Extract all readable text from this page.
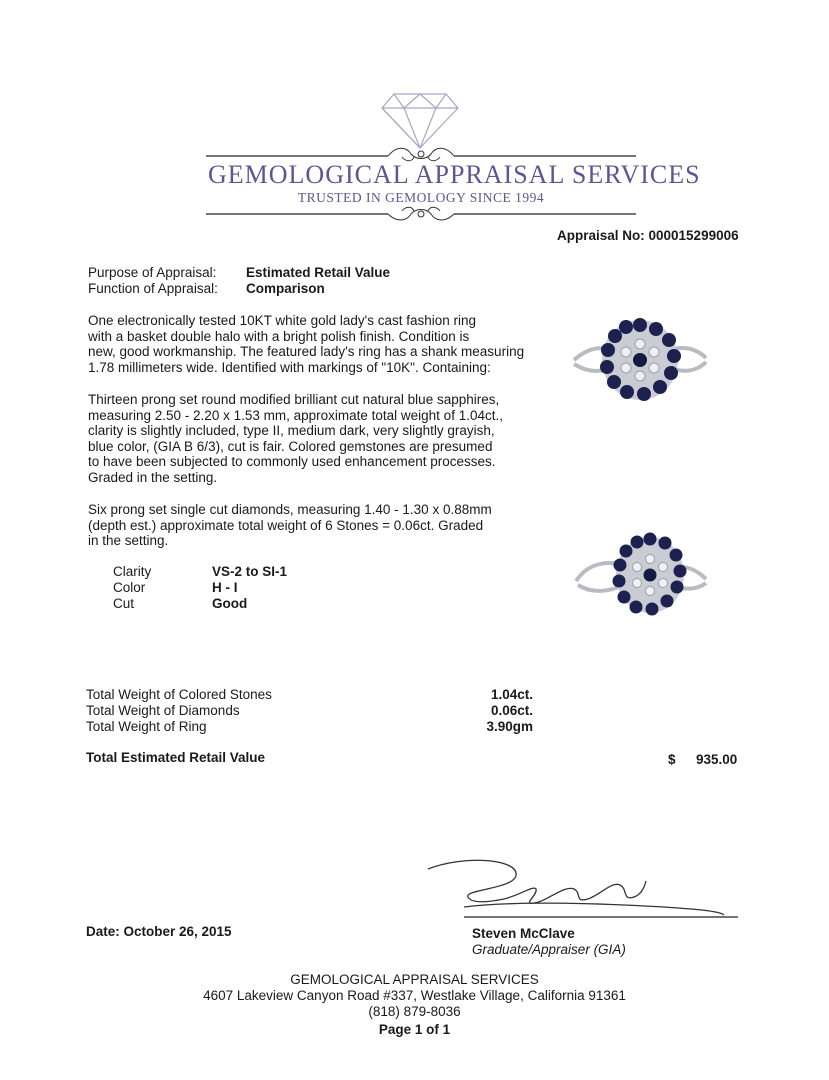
GEMOLOGICAL APPRAISAL SERVICES
TRUSTED IN GEMOLOGY SINCE 1994
Appraisal No: 000015299006
Purpose of Appraisal: Estimated Retail Value
Function of Appraisal: Comparison
One electronically tested 10KT white gold lady's cast fashion ring
with a basket double halo with a bright polish finish. Condition is
new, good workmanship. The featured lady's ring has a shank measuring
1.78 millimeters wide. Identified with markings of "10K". Containing:
Thirteen prong set round modified brilliant cut natural blue sapphires,
measuring 2.50 - 2.20 x 1.53 mm, approximate total weight of 1.04ct.,
clarity is slightly included, type II, medium dark, very slightly grayish,
blue color, (GIA B 6/3), cut is fair. Colored gemstones are presumed
to have been subjected to commonly used enhancement processes.
Graded in the setting.
Six prong set single cut diamonds, measuring 1.40 - 1.30 x 0.88mm
(depth est.) approximate total weight of 6 Stones = 0.06ct. Graded
in the setting.
Clarity	VS-2 to SI-1
Color	H - I
Cut	Good
Total Weight of Colored Stones	1.04ct.
Total Weight of Diamonds	0.06ct.
Total Weight of Ring	3.90gm
Total Estimated Retail Value	$ 935.00
Date: October 26, 2015	Steven McClave
Graduate/Appraiser (GIA)
GEMOLOGICAL APPRAISAL SERVICES
4607 Lakeview Canyon Road #337, Westlake Village, California 91361
(818) 879-8036
Page 1 of 1
